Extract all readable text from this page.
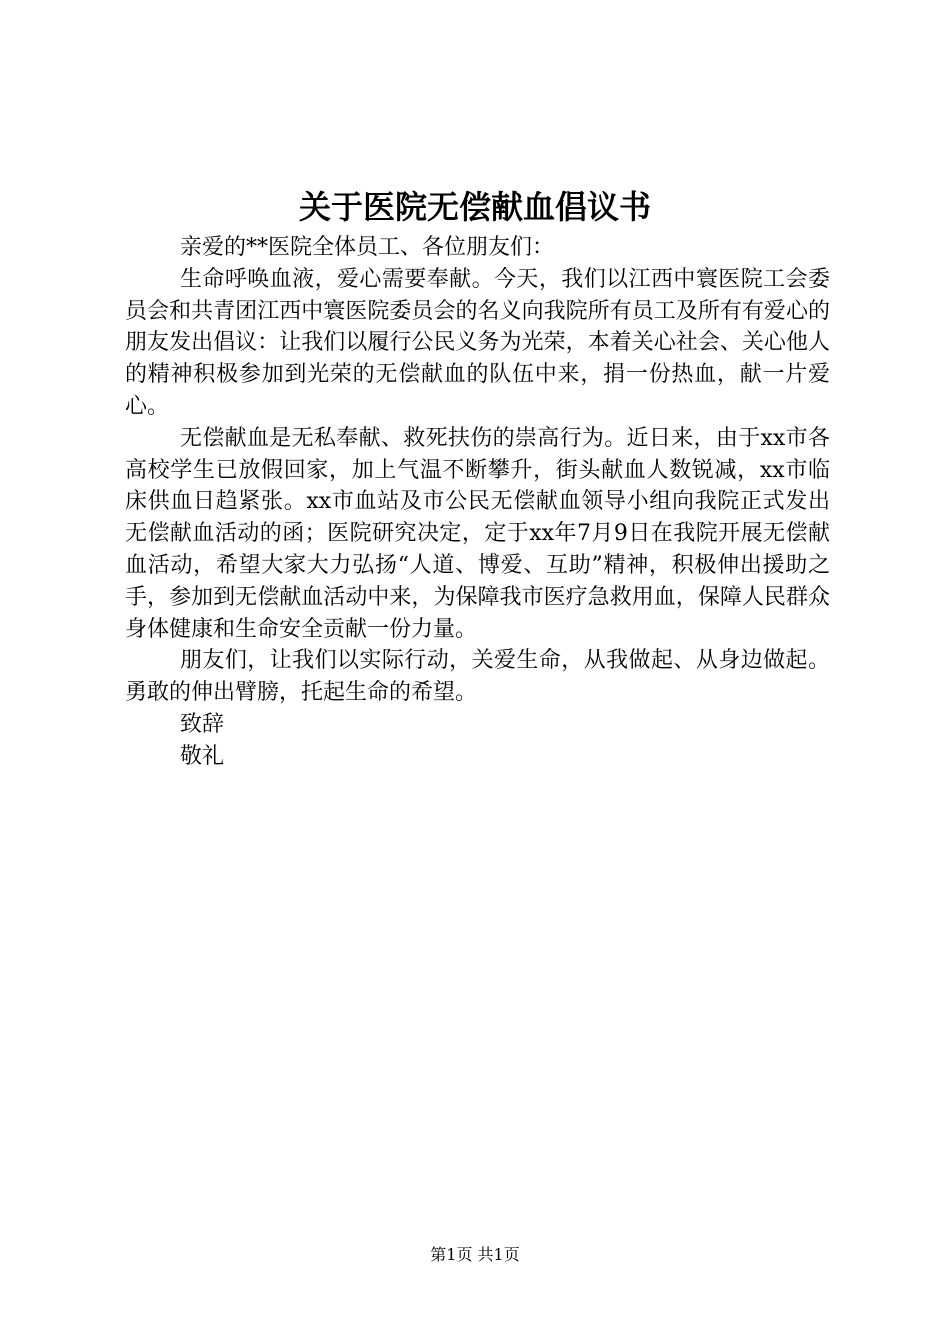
关于医院无偿献血倡议书

亲爱的**医院全体员工、各位朋友们：

生命呼唤血液，爱心需要奉献。今天，我们以江西中寰医院工会委员会和共青团江西中寰医院委员会的名义向我院所有员工及所有有爱心的朋友发出倡议：让我们以履行公民义务为光荣，本着关心社会、关心他人的精神积极参加到光荣的无偿献血的队伍中来，捐一份热血，献一片爱心。

无偿献血是无私奉献、救死扶伤的崇高行为。近日来，由于xx市各高校学生已放假回家，加上气温不断攀升，街头献血人数锐减，xx市临床供血日趋紧张。xx市血站及市公民无偿献血领导小组向我院正式发出无偿献血活动的函；医院研究决定，定于xx年7月9日在我院开展无偿献血活动，希望大家大力弘扬“人道、博爱、互助”精神，积极伸出援助之手，参加到无偿献血活动中来，为保障我市医疗急救用血，保障人民群众身体健康和生命安全贡献一份力量。

朋友们，让我们以实际行动，关爱生命，从我做起、从身边做起。勇敢的伸出臂膀，托起生命的希望。

致辞

敬礼

第1页 共1页
